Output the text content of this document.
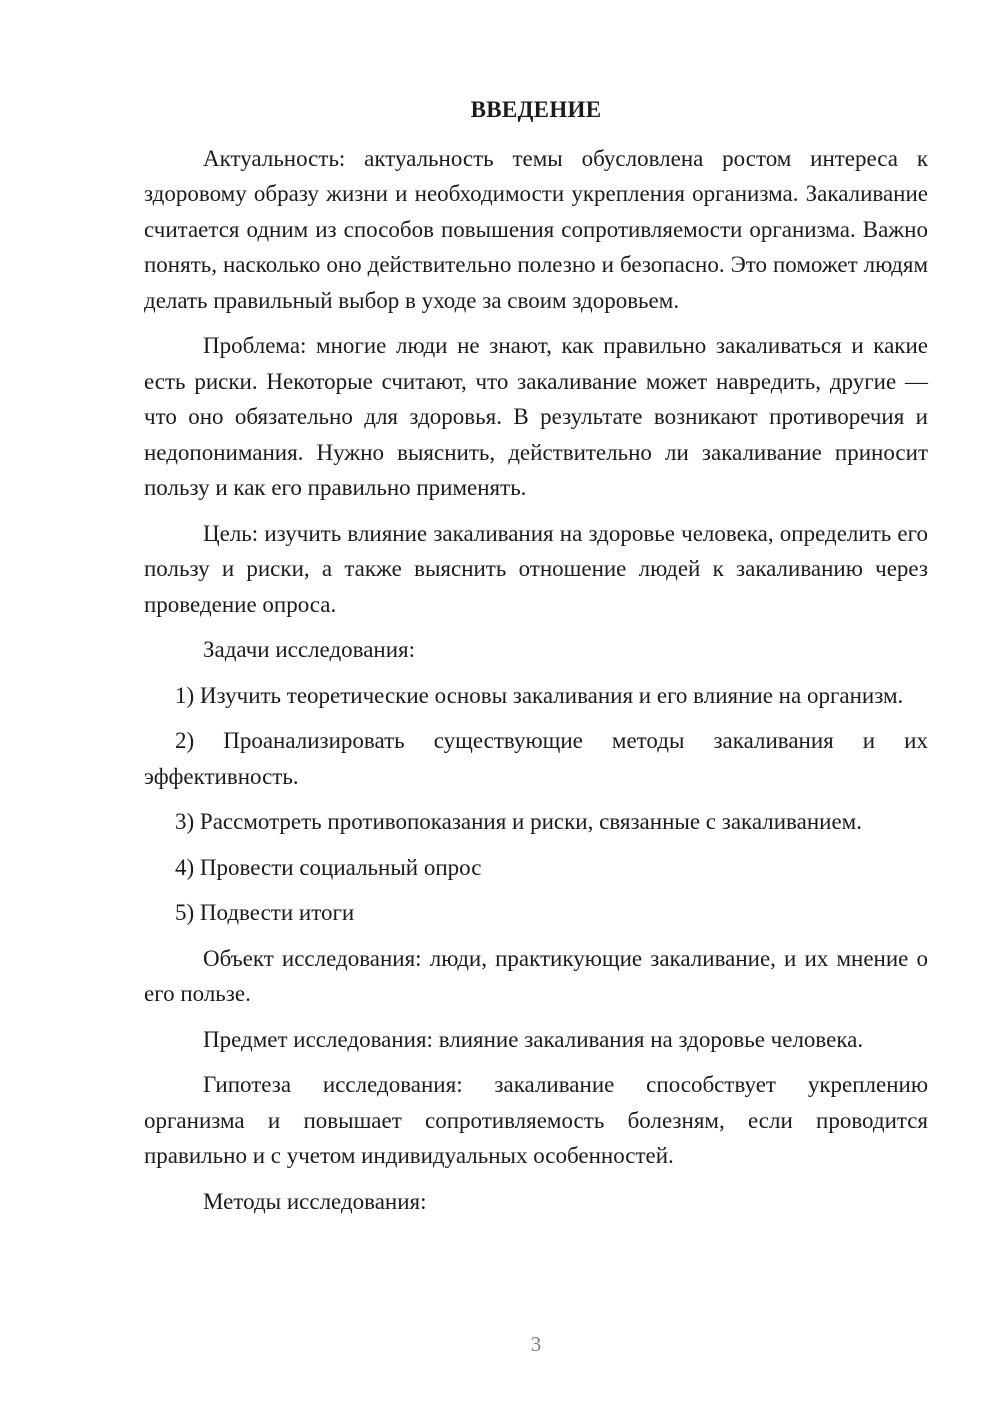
ВВЕДЕНИЕ

Актуальность: актуальность темы обусловлена ростом интереса к здоровому образу жизни и необходимости укрепления организма. Закаливание считается одним из способов повышения сопротивляемости организма. Важно понять, насколько оно действительно полезно и безопасно. Это поможет людям делать правильный выбор в уходе за своим здоровьем.

Проблема: многие люди не знают, как правильно закаливаться и какие есть риски. Некоторые считают, что закаливание может навредить, другие — что оно обязательно для здоровья. В результате возникают противоречия и недопонимания. Нужно выяснить, действительно ли закаливание приносит пользу и как его правильно применять.

Цель: изучить влияние закаливания на здоровье человека, определить его пользу и риски, а также выяснить отношение людей к закаливанию через проведение опроса.

Задачи исследования:

1) Изучить теоретические основы закаливания и его влияние на организм.

2) Проанализировать существующие методы закаливания и их эффективность.

3) Рассмотреть противопоказания и риски, связанные с закаливанием.

4) Провести социальный опрос

5) Подвести итоги

Объект исследования: люди, практикующие закаливание, и их мнение о его пользе.

Предмет исследования: влияние закаливания на здоровье человека.

Гипотеза исследования: закаливание способствует укреплению организма и повышает сопротивляемость болезням, если проводится правильно и с учетом индивидуальных особенностей.

Методы исследования:

3
